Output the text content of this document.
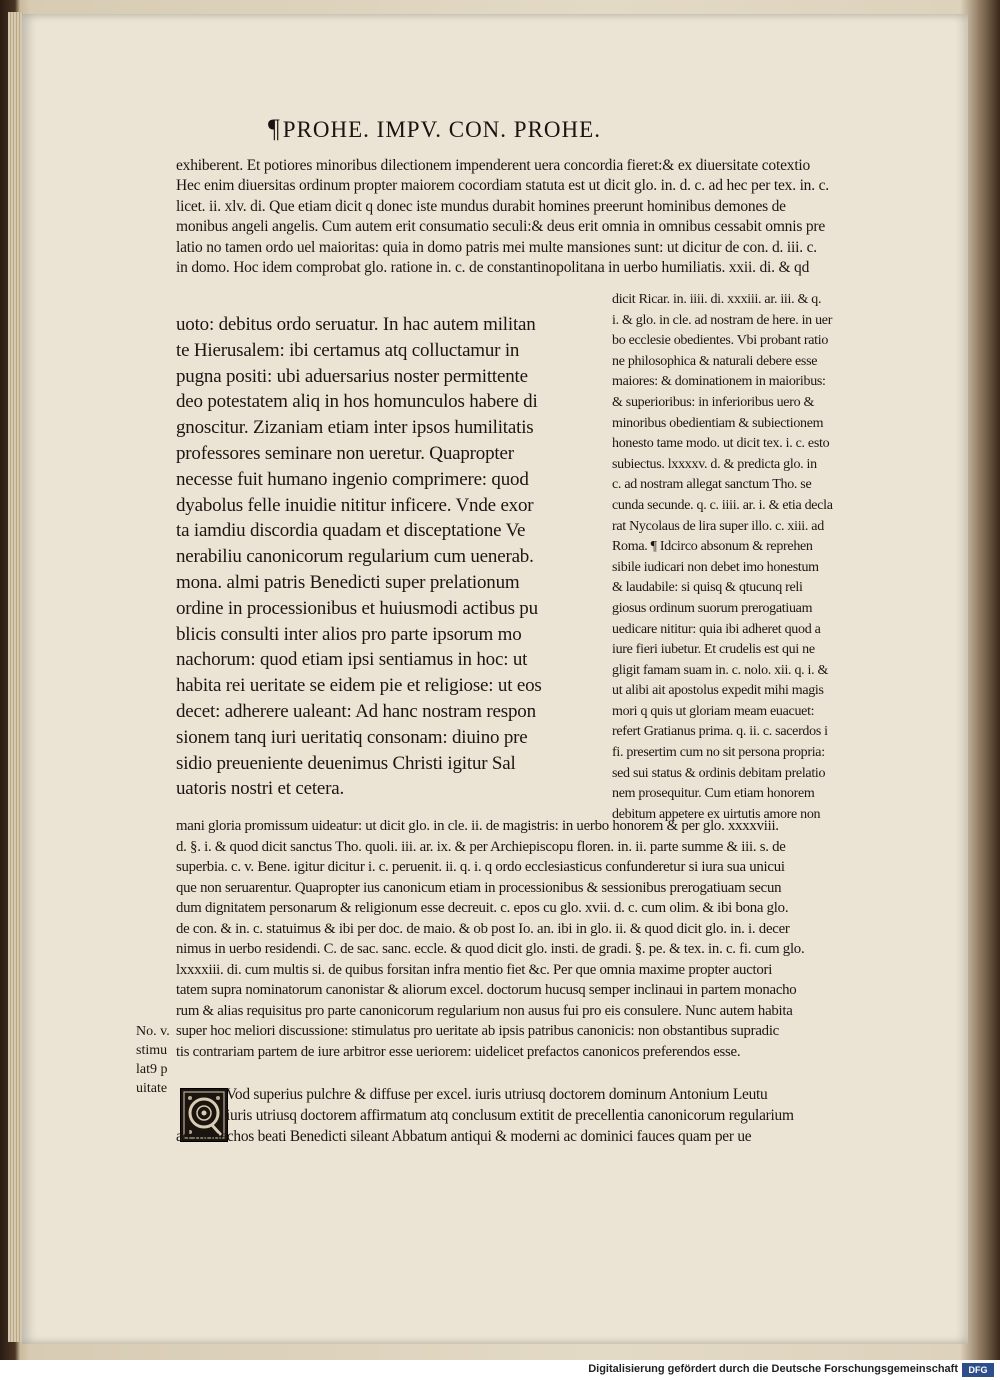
¶PROHE. IMPV. CON. PROHE.
exhiberent. Et potiores minoribus dilectionem impenderent uera concordia fieret:& ex diuersitate cotextio
Hec enim diuersitas ordinum propter maiorem cocordiam statuta est ut dicit glo. in. d. c. ad hec per tex. in. c.
licet. ii. xlv. di. Que etiam dicit q donec iste mundus durabit homines preerunt hominibus demones de
monibus angeli angelis. Cum autem erit consumatio seculi:& deus erit omnia in omnibus cessabit omnis pre
latio no tamen ordo uel maioritas: quia in domo patris mei multe mansiones sunt: ut dicitur de con. d. iii. c.
in domo. Hoc idem comprobat glo. ratione in. c. de constantinopolitana in uerbo humiliatis. xxii. di. & qd
uoto: debitus ordo seruatur. In hac autem militan
te Hierusalem: ibi certamus atq colluctamur in
pugna positi: ubi aduersarius noster permittente
deo potestatem aliq in hos homunculos habere di
gnoscitur. Zizaniam etiam inter ipsos humilitatis
professores seminare non ueretur. Quapropter
necesse fuit humano ingenio comprimere: quod
dyabolus felle inuidie nititur inficere. Vnde exor
ta iamdiu discordia quadam et disceptatione Ve
nerabiliu canonicorum regularium cum uenerab.
mona. almi patris Benedicti super prelationum
ordine in processionibus et huiusmodi actibus pu
blicis consulti inter alios pro parte ipsorum mo
nachorum: quod etiam ipsi sentiamus in hoc: ut
habita rei ueritate se eidem pie et religiose: ut eos
decet: adherere ualeant: Ad hanc nostram respon
sionem tanq iuri ueritatiq consonam: diuino pre
sidio preueniente deuenimus Christi igitur Sal
uatoris nostri et cetera.
dicit Ricar. in. iiii. di. xxxiii. ar. iii. & q.
i. & glo. in cle. ad nostram de here. in uer
bo ecclesie obedientes. Vbi probant ratio
ne philosophica & naturali debere esse
maiores: & dominationem in maioribus:
& superioribus: in inferioribus uero &
minoribus obedientiam & subiectionem
honesto tame modo. ut dicit tex. i. c. esto
subiectus. lxxxxv. d. & predicta glo. in
c. ad nostram allegat sanctum Tho. se
cunda secunde. q. c. iiii. ar. i. & etia decla
rat Nycolaus de lira super illo. c. xiii. ad
Roma. ¶ Idcirco absonum & reprehen
sibile iudicari non debet imo honestum
& laudabile: si quisq & qtucunq reli
giosus ordinum suorum prerogatiuam
uedicare nititur: quia ibi adheret quod a
iure fieri iubetur. Et crudelis est qui ne
gligit famam suam in. c. nolo. xii. q. i. &
ut alibi ait apostolus expedit mihi magis
mori q quis ut gloriam meam euacuet:
refert Gratianus prima. q. ii. c. sacerdos i
fi. presertim cum no sit persona propria:
sed sui status & ordinis debitam prelatio
nem prosequitur. Cum etiam honorem
debitum appetere ex uirtutis amore non
mani gloria promissum uideatur: ut dicit glo. in cle. ii. de magistris: in uerbo honorem & per glo. xxxxviii.
d. §. i. & quod dicit sanctus Tho. quoli. iii. ar. ix. & per Archiepiscopu floren. in. ii. parte summe & iii. s. de
superbia. c. v. Bene. igitur dicitur i. c. peruenit. ii. q. i. q ordo ecclesiasticus confunderetur si iura sua unicui
que non seruarentur. Quapropter ius canonicum etiam in processionibus & sessionibus prerogatiuam secun
dum dignitatem personarum & religionum esse decreuit. c. epos cu glo. xvii. d. c. cum olim. & ibi bona glo.
de con. & in. c. statuimus & ibi per doc. de maio. & ob post Io. an. ibi in glo. ii. & quod dicit glo. in. i. decer
nimus in uerbo residendi. C. de sac. sanc. eccle. & quod dicit glo. insti. de gradi. §. pe. & tex. in. c. fi. cum glo.
lxxxxiii. di. cum multis si. de quibus forsitan infra mentio fiet &c. Per que omnia maxime propter auctori
tatem supra nominatorum canonistar & aliorum excel. doctorum hucusq semper inclinaui in partem monacho
rum & alias requisitus pro parte canonicorum regularium non ausus fui pro eis consulere. Nunc autem habita
super hoc meliori discussione: stimulatus pro ueritate ab ipsis patribus canonicis: non obstantibus supradic
tis contrariam partem de iure arbitror esse ueriorem: uidelicet prefactos canonicos preferendos esse.
No. v.
stimu
lat9 p
uitate	Vod superius pulchre & diffuse per excel. iuris utriusq doctorem dominum Antonium Leutu
iuris utriusq doctorem affirmatum atq conclusum extitit de precellentia canonicorum regularium
ad monachos beati Benedicti sileant Abbatum antiqui & moderni ac dominici fauces quam per ue
Digitalisierung gefördert durch die Deutsche Forschungsgemeinschaft	DFG
